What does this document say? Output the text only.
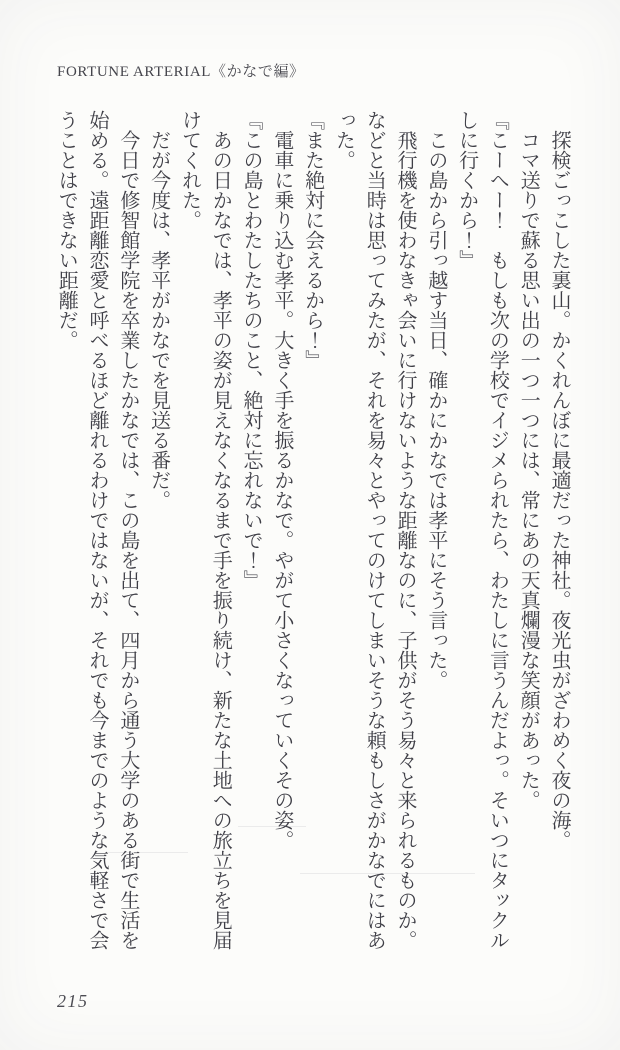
FORTUNE ARTERIAL《かなで編》

探検ごっこした裏山。かくれんぼに最適だった神社。夜光虫がざわめく夜の海。

コマ送りで蘇る思い出の一つ一つには、常にあの天真爛漫な笑顔があった。

『こーへー！　もしも次の学校でイジメられたら、わたしに言うんだよっ。そいつにタックルしに行くから！』

この島から引っ越す当日、確かにかなでは孝平にそう言った。

飛行機を使わなきゃ会いに行けないような距離なのに、子供がそう易々と来られるものか。などと当時は思ってみたが、それを易々とやってのけてしまいそうな頼もしさがかなでにはあった。

『また絶対に会えるから！』

電車に乗り込む孝平。大きく手を振るかなで。やがて小さくなっていくその姿。

『この島とわたしたちのこと、絶対に忘れないで！』

あの日かなでは、孝平の姿が見えなくなるまで手を振り続け、新たな土地への旅立ちを見届けてくれた。

だが今度は、孝平がかなでを見送る番だ。

今日で修智館学院を卒業したかなでは、この島を出て、四月から通う大学のある街で生活を始める。遠距離恋愛と呼べるほど離れるわけではないが、それでも今までのような気軽さで会うことはできない距離だ。

215
